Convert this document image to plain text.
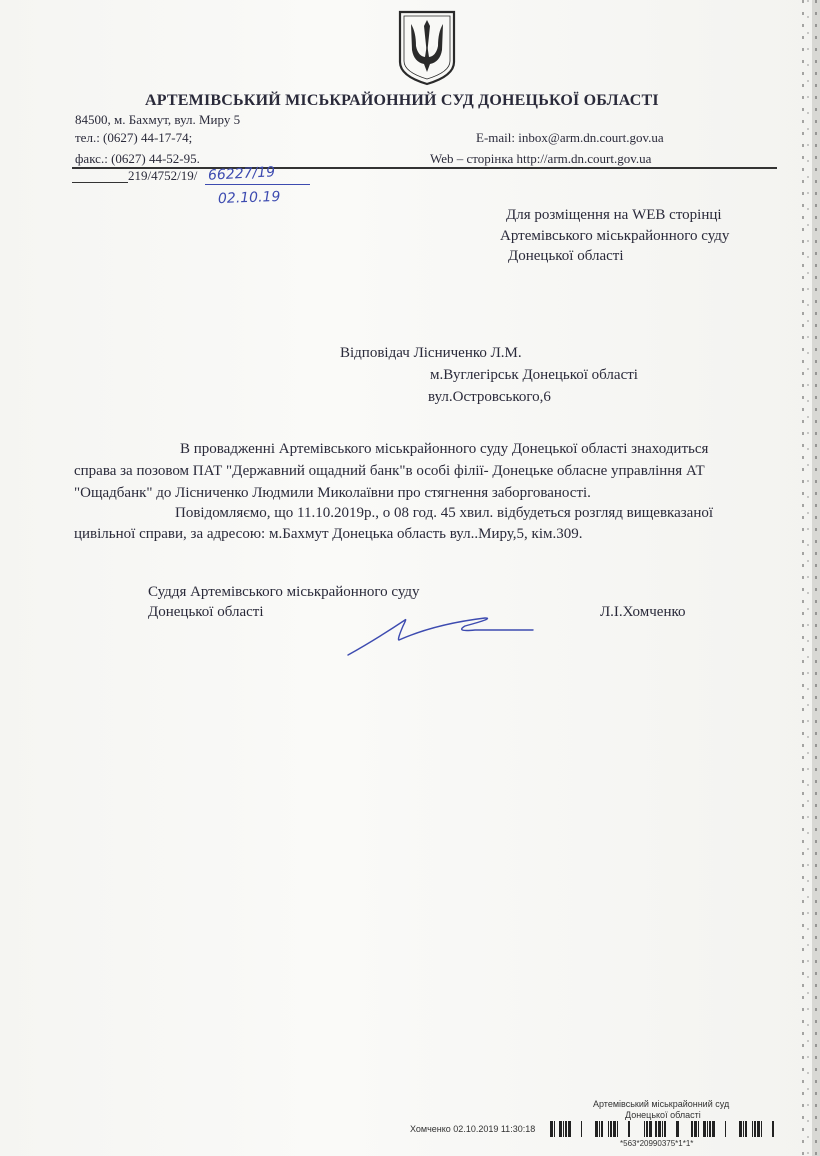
АРТЕМІВСЬКИЙ МІСЬКРАЙОННИЙ СУД ДОНЕЦЬКОЇ ОБЛАСТІ
84500, м. Бахмут, вул. Миру 5
тел.: (0627) 44-17-74;
факс.: (0627) 44-52-95.
E-mail: inbox@arm.dn.court.gov.ua
Web – сторінка http://arm.dn.court.gov.ua
219/4752/19/ 66227/19
02.10.19
Для розміщення на WEB сторінці
Артемівського міськрайонного суду
Донецької області
Відповідач Лісниченко Л.М.
м.Вуглегірськ Донецької області
вул.Островського,6
В провадженні Артемівського міськрайонного суду Донецької області знаходиться
справа за позовом ПАТ "Державний ощадний банк"в особі філії- Донецьке обласне управління АТ
"Ощадбанк" до Лісниченко Людмили Миколаївни про стягнення заборгованості.
Повідомляємо, що 11.10.2019р., о 08 год. 45 хвил. відбудеться розгляд вищевказаної
цивільної справи, за адресою: м.Бахмут Донецька область вул..Миру,5, кім.309.
Суддя Артемівського міськрайонного суду
Донецької області	Л.І.Хомченко
Артемівський міськрайонний суд
Донецької області
Хомченко 02.10.2019 11:30:18
*563*20990375*1*1*
